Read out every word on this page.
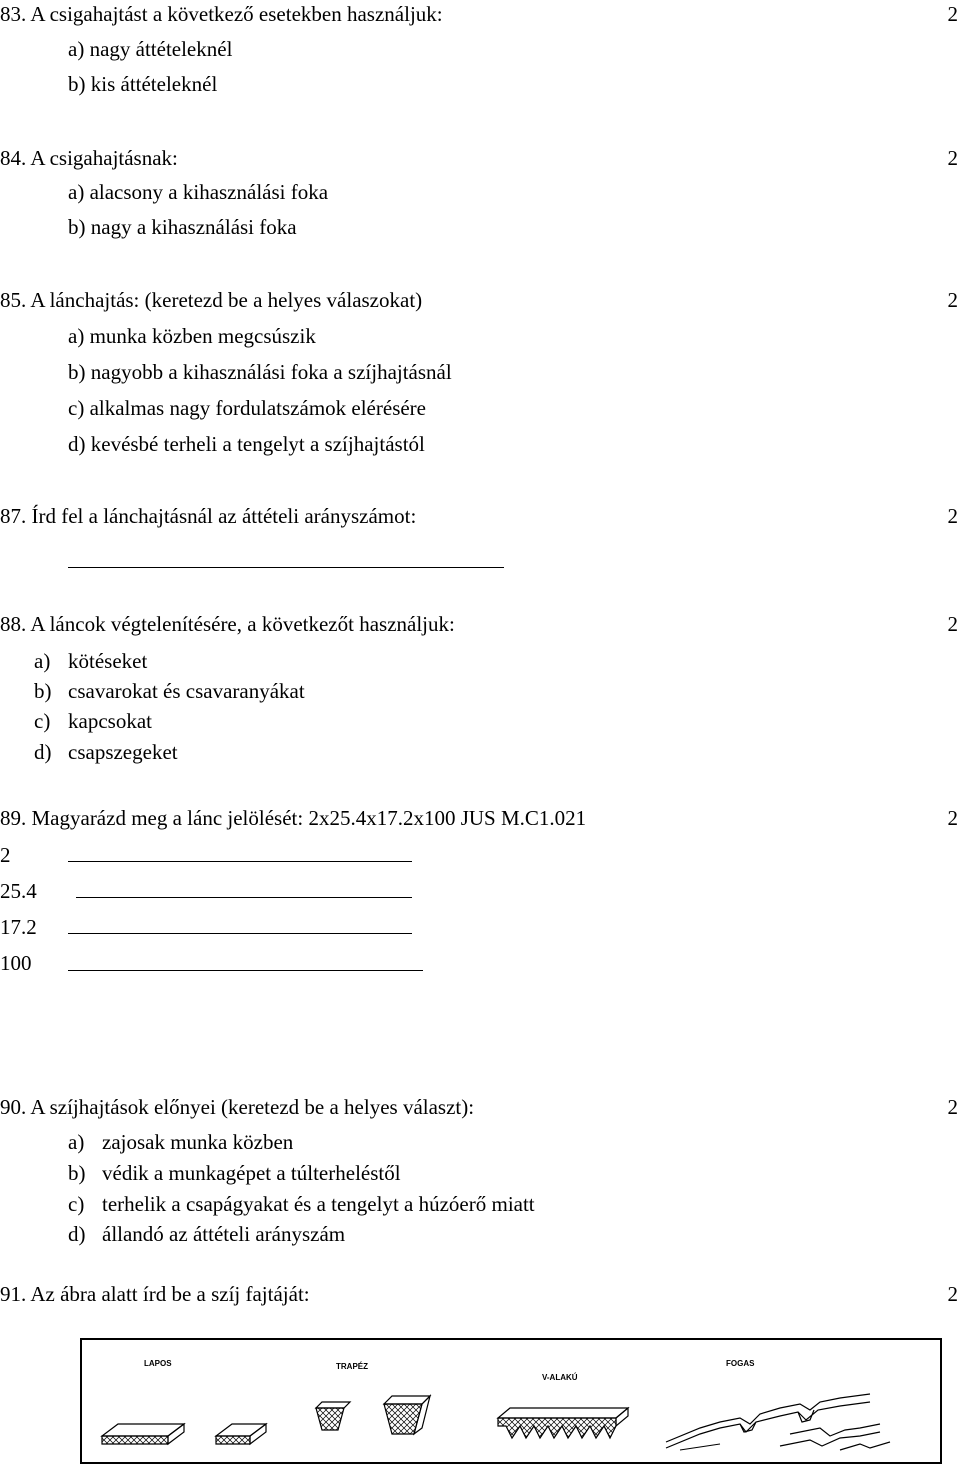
83. A csigahajtást a következő esetekben használjuk:	2
a) nagy áttételeknél
b) kis áttételeknél
84. A csigahajtásnak:	2
a) alacsony a kihasználási foka
b) nagy a kihasználási foka
85. A lánchajtás: (keretezd be a helyes válaszokat)	2
a) munka közben megcsúszik
b) nagyobb a kihasználási foka a szíjhajtásnál
c) alkalmas nagy fordulatszámok elérésére
d) kevésbé terheli a tengelyt a szíjhajtástól
87. Írd fel a lánchajtásnál az áttételi arányszámot:	2
88. A láncok végtelenítésére, a következőt használjuk:	2
a) kötéseket
b) csavarokat és csavaranyákat
c) kapcsokat
d) csapszegeket
89. Magyarázd meg a lánc jelölését: 2x25.4x17.2x100 JUS M.C1.021	2
2
25.4
17.2
100
90. A szíjhajtások előnyei (keretezd be a helyes választ):	2
a) zajosak munka közben
b) védik a munkagépet a túlterheléstől
c) terhelik a csapágyakat és a tengelyt a húzóerő miatt
d) állandó az áttételi arányszám
91. Az ábra alatt írd be a szíj fajtáját:	2
LAPOS	TRAPÉZ
V-ALAKÚ
FOGAS
